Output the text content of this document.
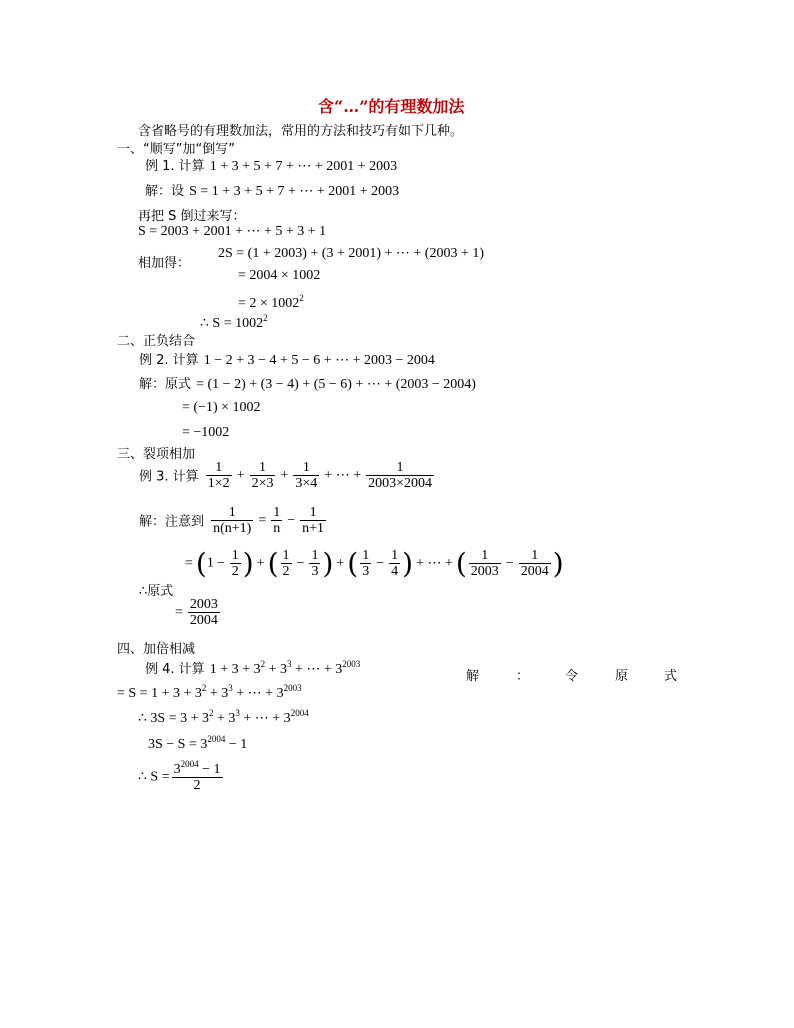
含“…”的有理数加法
含省略号的有理数加法，常用的方法和技巧有如下几种。
一、“顺写”加“倒写”
例 1. 计算 1 + 3 + 5 + 7 + ⋯ + 2001 + 2003
解：设 S = 1 + 3 + 5 + 7 + ⋯ + 2001 + 2003
再把 S 倒过来写：
S = 2003 + 2001 + ⋯ + 5 + 3 + 1
相加得：
2S = (1 + 2003) + (3 + 2001) + ⋯ + (2003 + 1)
= 2004 × 1002
= $2 \times 1002^2$
∴ $S = 1002^2$
二、正负结合
例 2. 计算 1 − 2 + 3 − 4 + 5 − 6 + ⋯ + 2003 − 2004
解：原式 = (1 − 2) + (3 − 4) + (5 − 6) + ⋯ + (2003 − 2004)
= (−1) × 1002
= −1002
三、裂项相加
例 3. 计算 $\frac{1}{1\times 2} + \frac{1}{2\times 3} + \frac{1}{3\times 4}$ + ⋯ + $\frac{1}{2003\times 2004}$
解：注意到 $\frac{1}{n(n+1)} = \frac{1}{n} - \frac{1}{n+1}$
= ($1 - \frac{1}{2}$ ) + ( $\frac{1}{2} - \frac{1}{3}$ ) + ( $\frac{1}{3} - \frac{1}{4}$ ) + ⋯ + ( $\frac{1}{2003} - \frac{1}{2004}$ )
∴原式
= $\frac{2003}{2004}$
四、加倍相减
例 4. 计算 $1 + 3 + 3^2 + 3^3$ + ⋯ + $3^{2003}$
解	：	令	原	式
= $S = 1 + 3 + 3^2 + 3^3$ + ⋯ + $3^{2003}$
∴ $3S = 3 + 3^2 + 3^3$ + ⋯ + $3^{2004}$
$3S - S = 3^{2004} - 1$
∴ $S = \frac{3^{2004} - 1}{2}$
